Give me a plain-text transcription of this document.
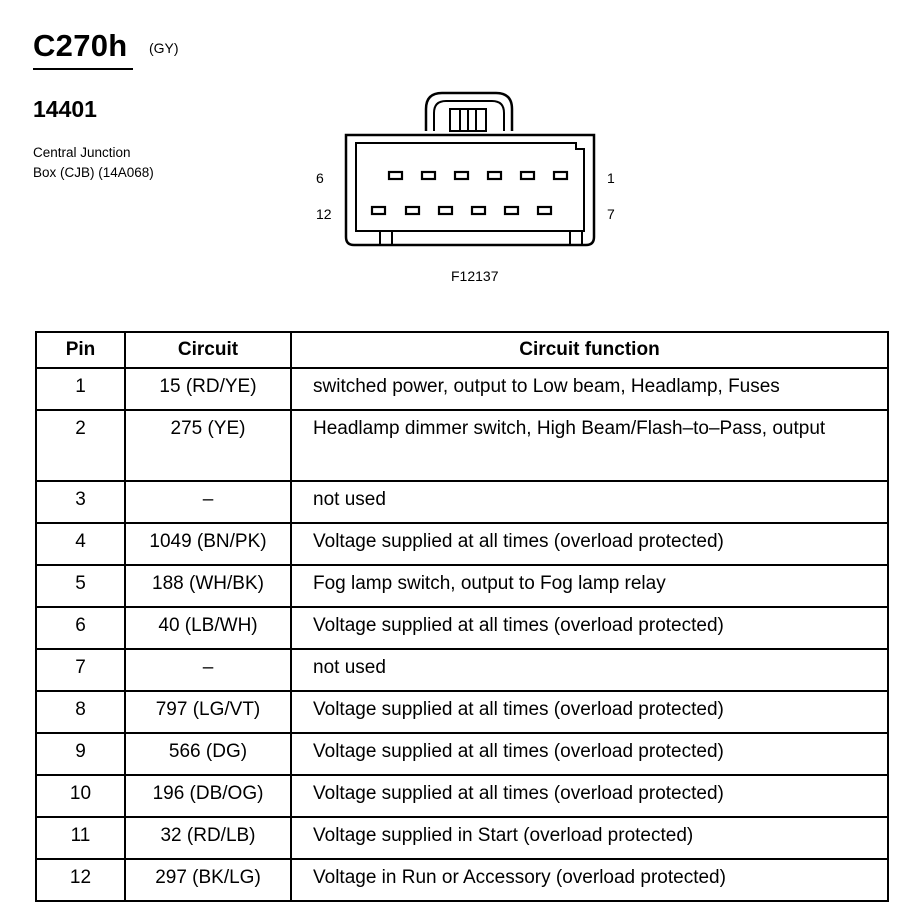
C270h (GY)
14401
Central Junction
Box (CJB) (14A068)	6	1
12	7
F12137
Pin	Circuit	Circuit function
1	15 (RD/YE)	switched power, output to Low beam, Headlamp, Fuses
2	275 (YE)	Headlamp dimmer switch, High Beam/Flash–to–Pass, output
3	–	not used
4	1049 (BN/PK)	Voltage supplied at all times (overload protected)
5	188 (WH/BK)	Fog lamp switch, output to Fog lamp relay
6	40 (LB/WH)	Voltage supplied at all times (overload protected)
7	–	not used
8	797 (LG/VT)	Voltage supplied at all times (overload protected)
9	566 (DG)	Voltage supplied at all times (overload protected)
10	196 (DB/OG)	Voltage supplied at all times (overload protected)
11	32 (RD/LB)	Voltage supplied in Start (overload protected)
12	297 (BK/LG)	Voltage in Run or Accessory (overload protected)
